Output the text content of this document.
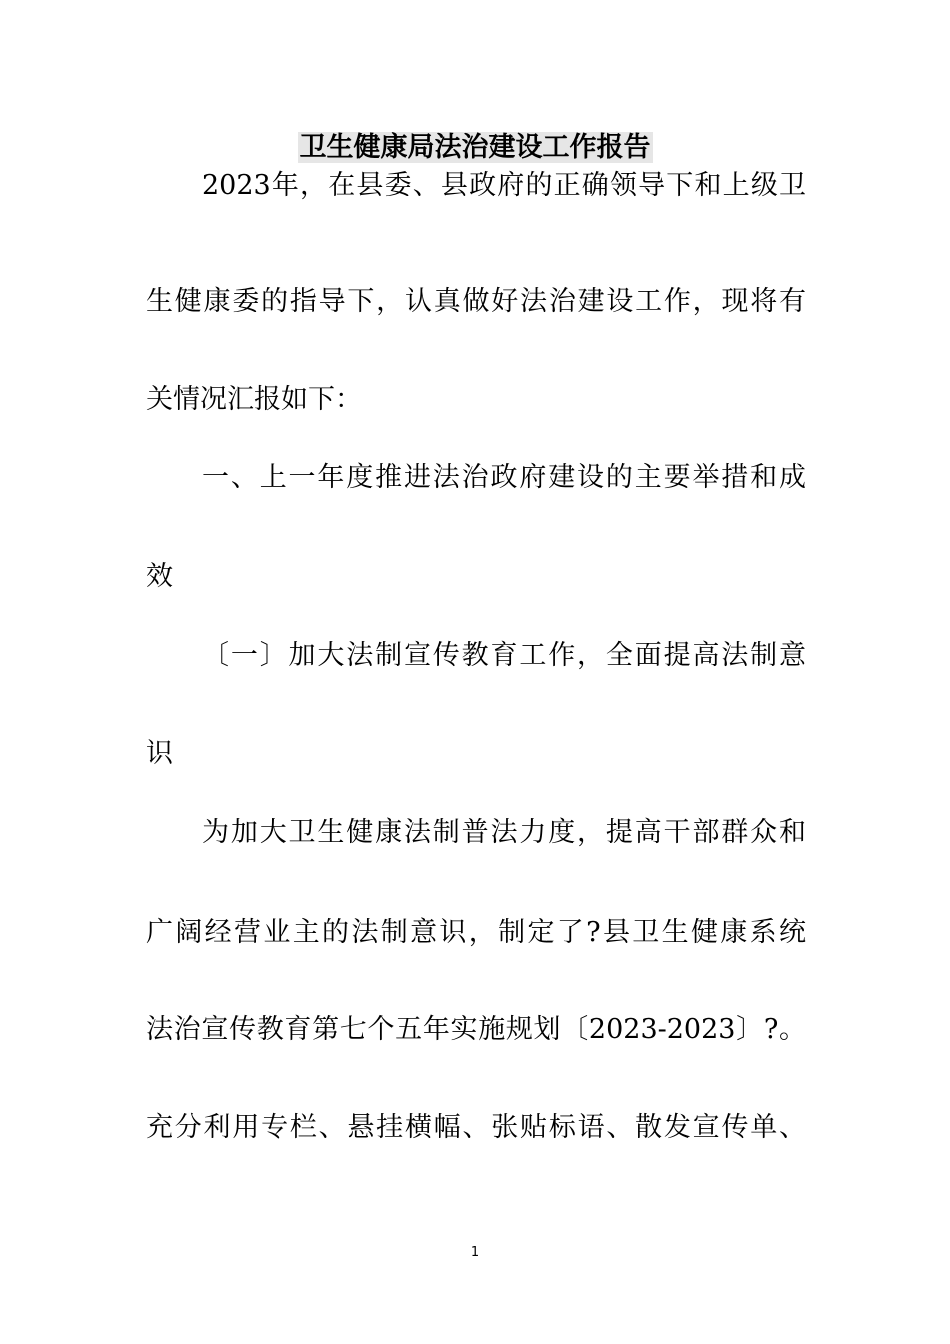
卫生健康局法治建设工作报告
2023年，在县委、县政府的正确领导下和上级卫
生健康委的指导下，认真做好法治建设工作，现将有
关情况汇报如下：
一、上一年度推进法治政府建设的主要举措和成
效
〔一〕加大法制宣传教育工作，全面提高法制意
识
为加大卫生健康法制普法力度，提高干部群众和
广阔经营业主的法制意识，制定了?县卫生健康系统
法治宣传教育第七个五年实施规划〔2023-2023〕?。
充分利用专栏、悬挂横幅、张贴标语、散发宣传单、
1
